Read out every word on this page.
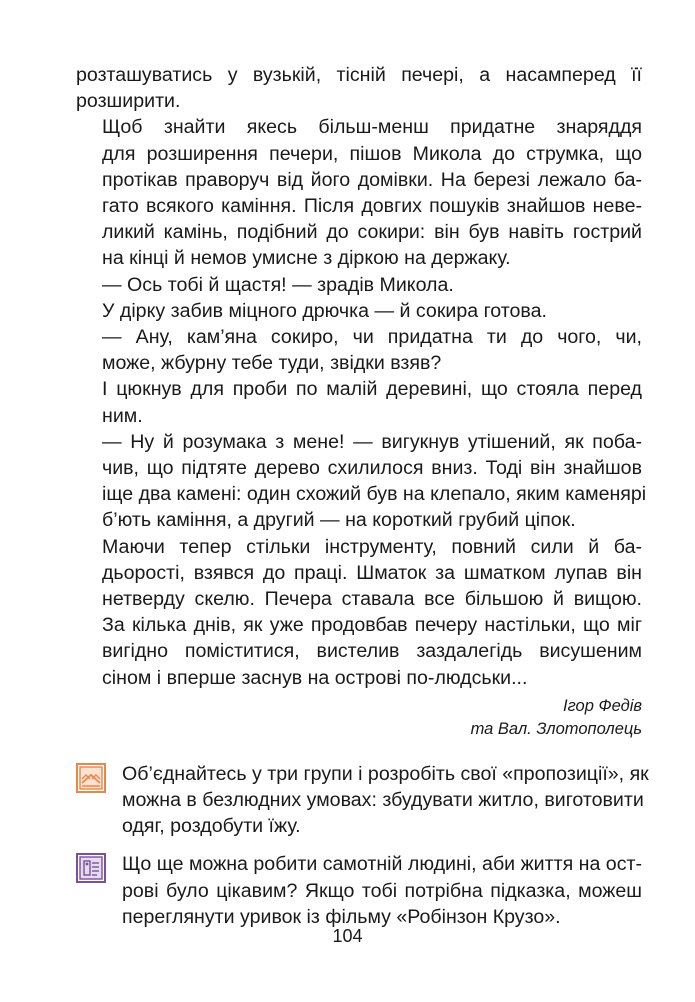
розташуватись у вузькій, тісній печері, а насамперед її
розширити.

Щоб знайти якесь більш-менш придатне знаряддя
для розширення печери, пішов Микола до струмка, що
протікав праворуч від його домівки. На березі лежало ба-
гато всякого каміння. Після довгих пошуків знайшов неве-
ликий камінь, подібний до сокири: він був навіть гострий
на кінці й немов умисне з діркою на держаку.

— Ось тобі й щастя! — зрадів Микола.

У дірку забив міцного дрючка — й сокира готова.

— Ану, кам’яна сокиро, чи придатна ти до чого, чи,
може, жбурну тебе туди, звідки взяв?

І цюкнув для проби по малій деревині, що стояла перед
ним.

— Ну й розумака з мене! — вигукнув утішений, як поба-
чив, що підтяте дерево схилилося вниз. Тоді він знайшов
іще два камені: один схожий був на клепало, яким каменярі
б’ють каміння, а другий — на короткий грубий ціпок.

Маючи тепер стільки інструменту, повний сили й ба-
дьорості, взявся до праці. Шматок за шматком лупав він
нетверду скелю. Печера ставала все більшою й вищою.
За кілька днів, як уже продовбав печеру настільки, що міг
вигідно поміститися, вистелив заздалегідь висушеним
сіном і вперше заснув на острові по-людськи...

Ігор Федів
та Вал. Злотополець

Об’єднайтесь у три групи і розробіть свої «пропозиції», як
можна в безлюдних умовах: збудувати житло, виготовити
одяг, роздобути їжу.

Що ще можна робити самотній людині, аби життя на ост-
рові було цікавим? Якщо тобі потрібна підказка, можеш
переглянути уривок із фільму «Робінзон Крузо».

104
